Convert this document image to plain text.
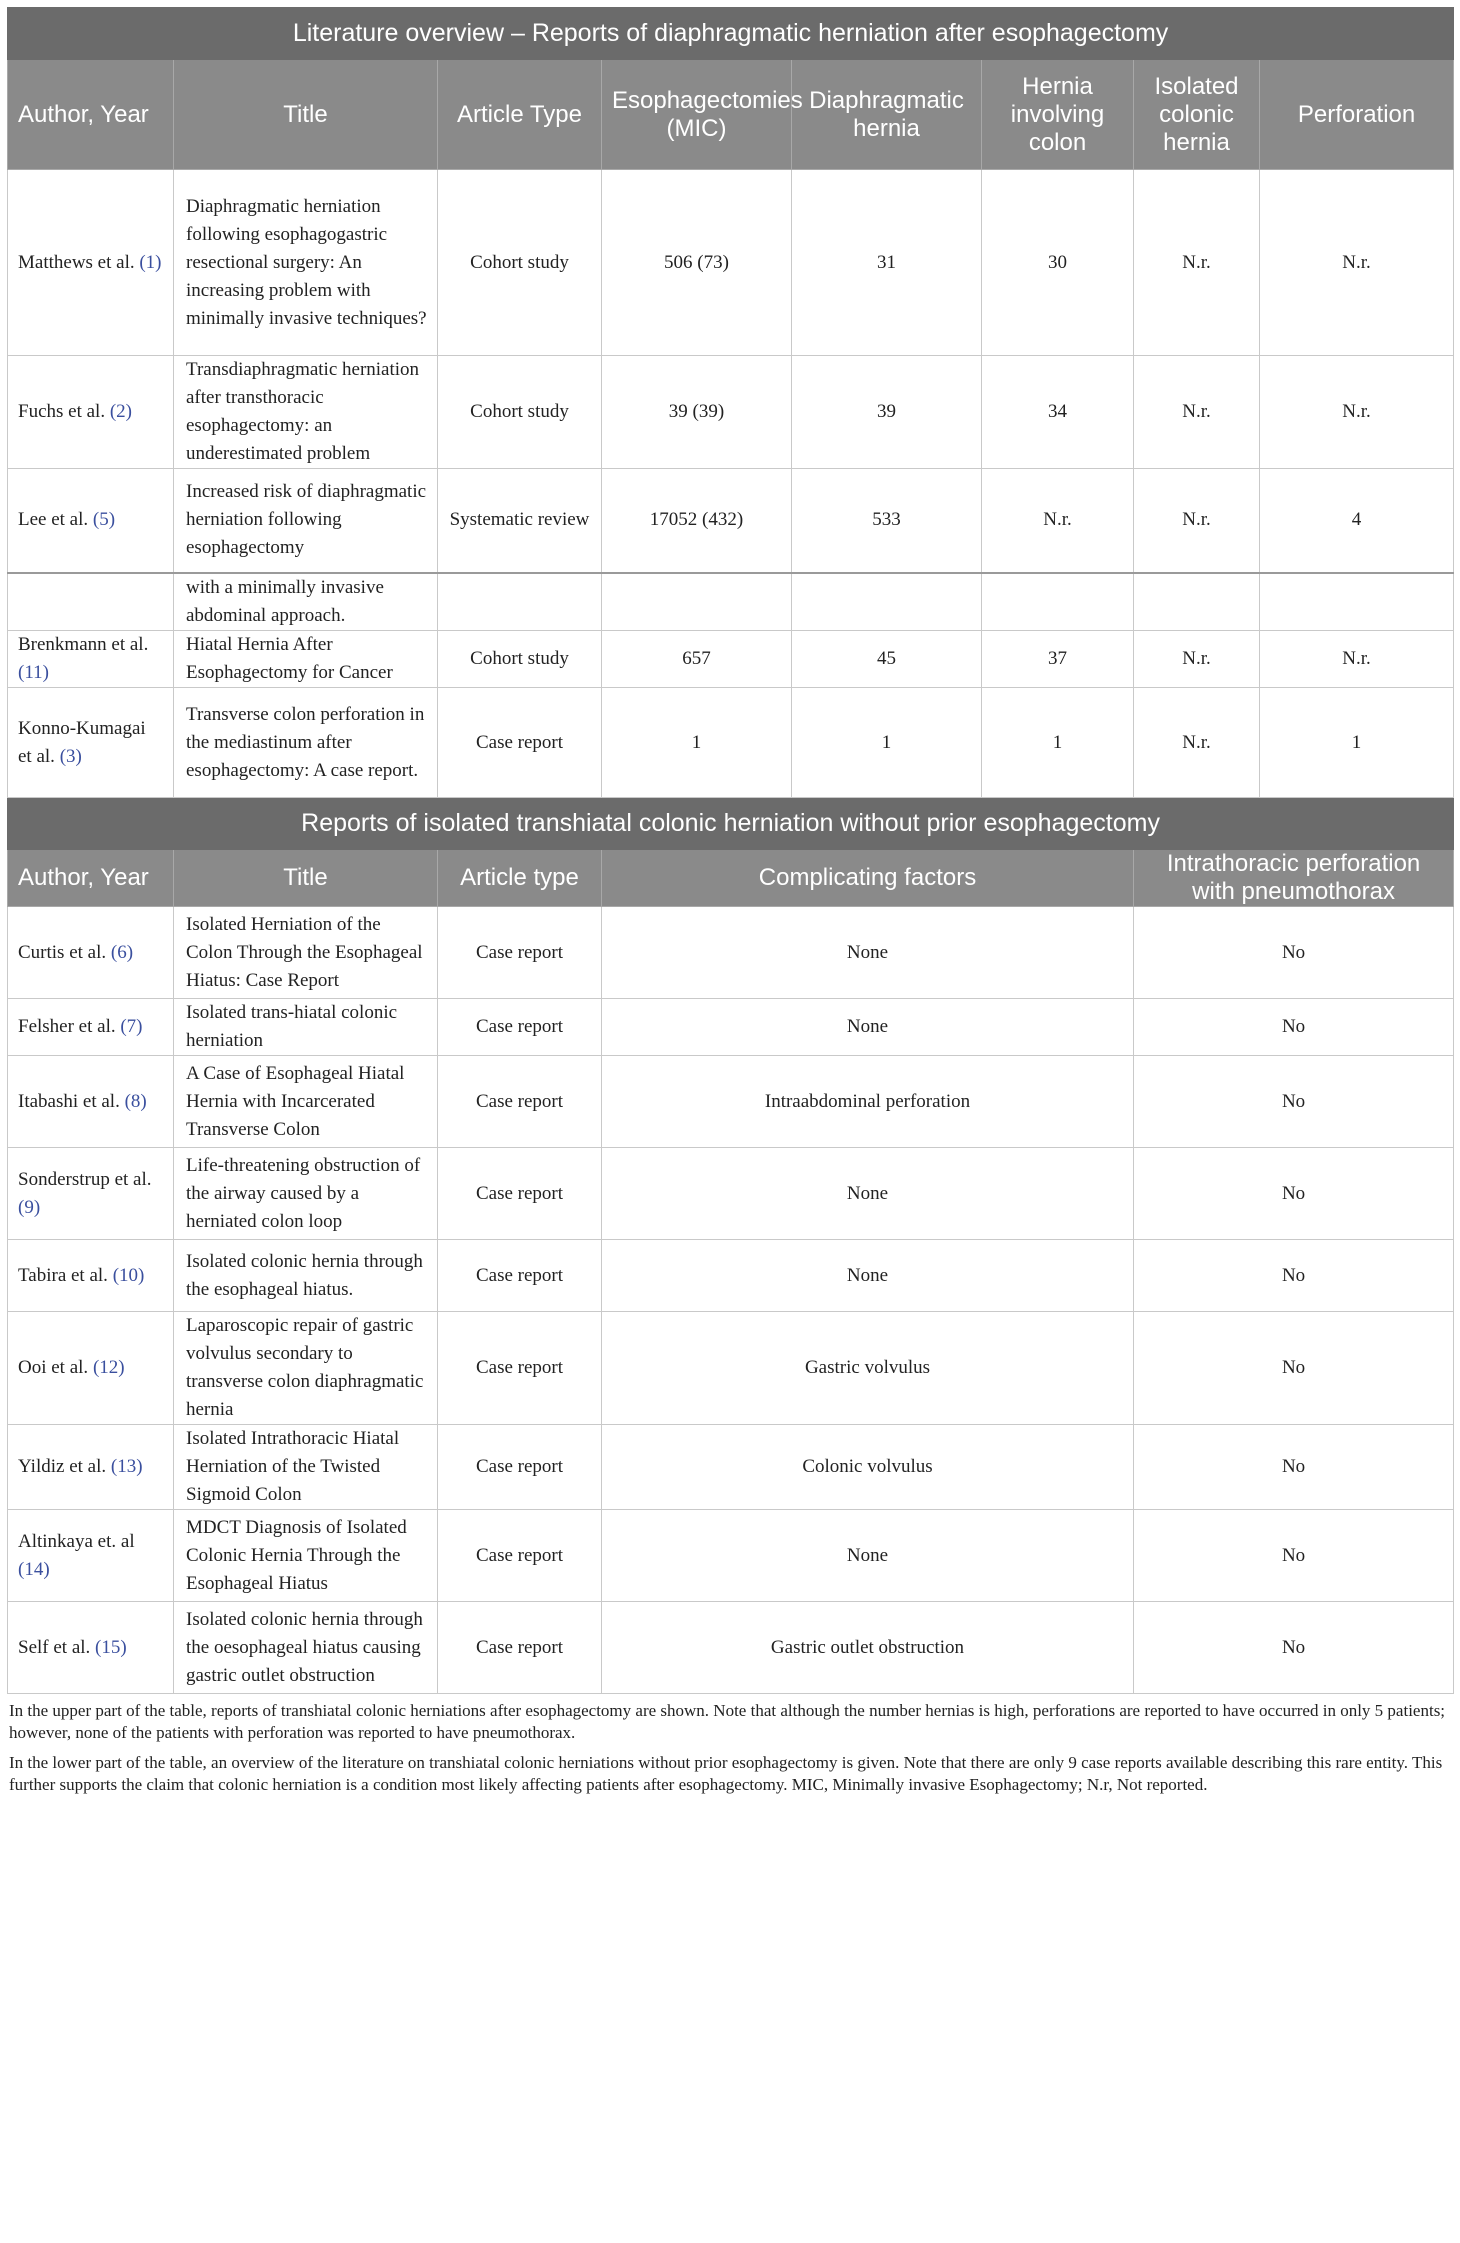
Literature overview – Reports of diaphragmatic herniation after esophagectomy							
Author, Year	Title	Article Type	Esophagectomies (MIC)	Diaphragmatic hernia	Hernia involving colon	Isolated colonic hernia	Perforation
Matthews et al. (1)	Diaphragmatic herniation following esophagogastric resectional surgery: An increasing problem with minimally invasive techniques?	Cohort study	506 (73)	31	30	N.r.	N.r.
Fuchs et al. (2)	Transdiaphragmatic herniation after transthoracic esophagectomy: an underestimated problem	Cohort study	39 (39)	39	34	N.r.	N.r.
Lee et al. (5)	Increased risk of diaphragmatic herniation following esophagectomy	Systematic review	17052 (432)	533	N.r.	N.r.	4
	with a minimally invasive abdominal approach.						
Brenkmann et al. (11)	Hiatal Hernia After Esophagectomy for Cancer	Cohort study	657	45	37	N.r.	N.r.
Konno-Kumagai et al. (3)	Transverse colon perforation in the mediastinum after esophagectomy: A case report.	Case report	1	1	1	N.r.	1
Reports of isolated transhiatal colonic herniation without prior esophagectomy							
Author, Year	Title	Article type	Complicating factors			Intrathoracic perforation with pneumothorax	
Curtis et al. (6)	Isolated Herniation of the Colon Through the Esophageal Hiatus: Case Report	Case report	None			No	
Felsher et al. (7)	Isolated trans-hiatal colonic herniation	Case report	None			No	
Itabashi et al. (8)	A Case of Esophageal Hiatal Hernia with Incarcerated Transverse Colon	Case report	Intraabdominal perforation			No	
Sonderstrup et al. (9)	Life-threatening obstruction of the airway caused by a herniated colon loop	Case report	None			No	
Tabira et al. (10)	Isolated colonic hernia through the esophageal hiatus.	Case report	None			No	
Ooi et al. (12)	Laparoscopic repair of gastric volvulus secondary to transverse colon diaphragmatic hernia	Case report	Gastric volvulus			No	
Yildiz et al. (13)	Isolated Intrathoracic Hiatal Herniation of the Twisted Sigmoid Colon	Case report	Colonic volvulus			No	
Altinkaya et. al (14)	MDCT Diagnosis of Isolated Colonic Hernia Through the Esophageal Hiatus	Case report	None			No	
Self et al. (15)	Isolated colonic hernia through the oesophageal hiatus causing gastric outlet obstruction	Case report	Gastric outlet obstruction			No	

In the upper part of the table, reports of transhiatal colonic herniations after esophagectomy are shown. Note that although the number hernias is high, perforations are reported to have occurred in only 5 patients; however, none of the patients with perforation was reported to have pneumothorax.

In the lower part of the table, an overview of the literature on transhiatal colonic herniations without prior esophagectomy is given. Note that there are only 9 case reports available describing this rare entity. This further supports the claim that colonic herniation is a condition most likely affecting patients after esophagectomy. MIC, Minimally invasive Esophagectomy; N.r, Not reported.
